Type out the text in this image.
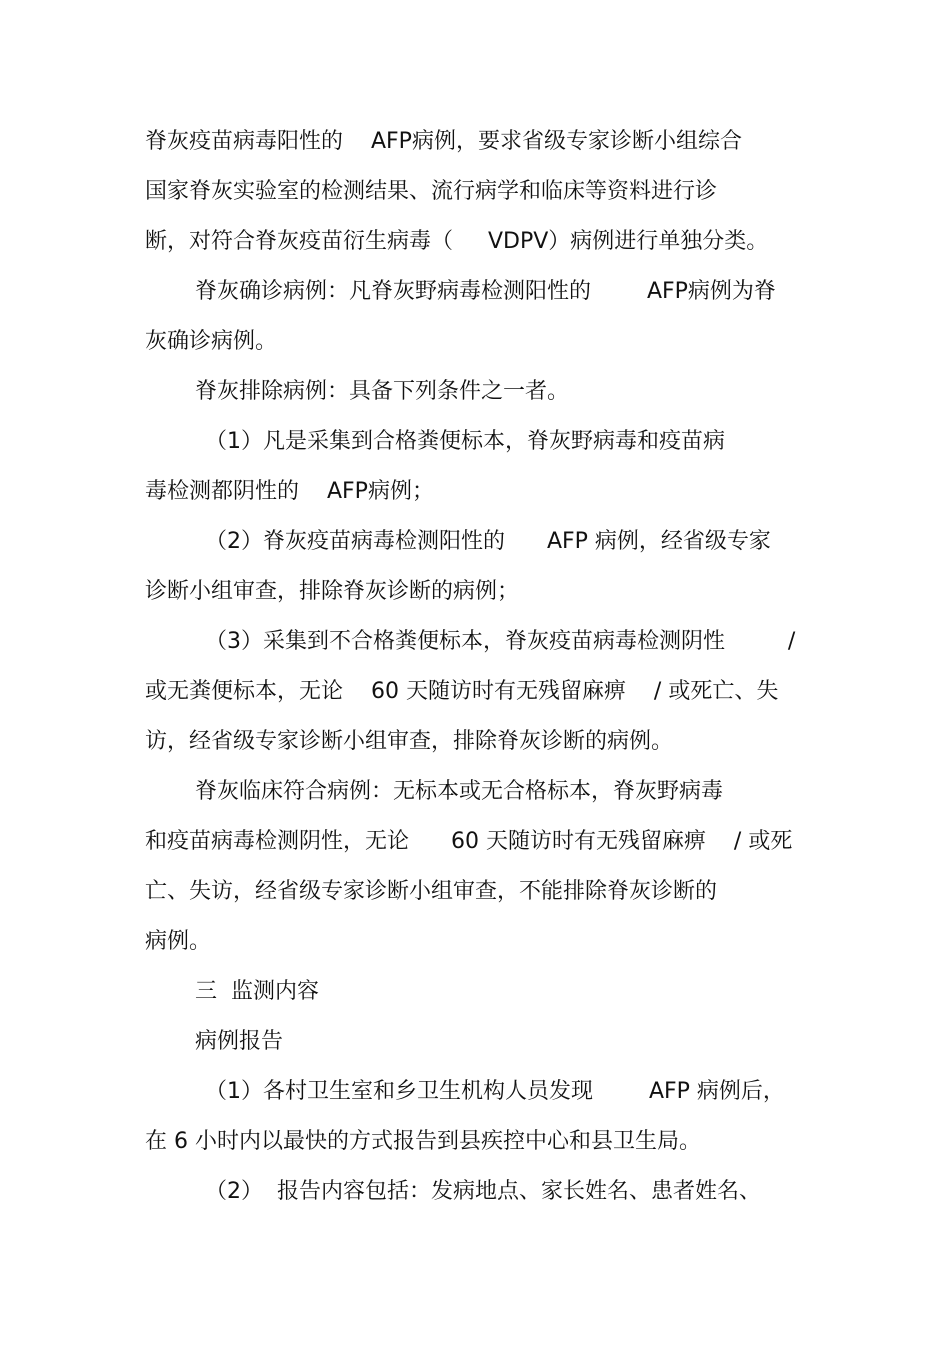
脊灰疫苗病毒阳性的    AFP病例，要求省级专家诊断小组综合
国家脊灰实验室的检测结果、流行病学和临床等资料进行诊
断，对符合脊灰疫苗衍生病毒（     VDPV）病例进行单独分类。
脊灰确诊病例：凡脊灰野病毒检测阳性的        AFP病例为脊
灰确诊病例。
脊灰排除病例：具备下列条件之一者。
（1）凡是采集到合格粪便标本，脊灰野病毒和疫苗病
毒检测都阴性的    AFP病例；
（2）脊灰疫苗病毒检测阳性的      AFP 病例，经省级专家
诊断小组审查，排除脊灰诊断的病例；
（3）采集到不合格粪便标本，脊灰疫苗病毒检测阴性         /
或无粪便标本，无论    60 天随访时有无残留麻痹    / 或死亡、失
访，经省级专家诊断小组审查，排除脊灰诊断的病例。
脊灰临床符合病例：无标本或无合格标本，脊灰野病毒
和疫苗病毒检测阴性，无论      60 天随访时有无残留麻痹    / 或死
亡、失访，经省级专家诊断小组审查，不能排除脊灰诊断的
病例。
三  监测内容
病例报告
（1）各村卫生室和乡卫生机构人员发现        AFP 病例后，
在 6 小时内以最快的方式报告到县疾控中心和县卫生局。
（2）  报告内容包括：发病地点、家长姓名、患者姓名、
